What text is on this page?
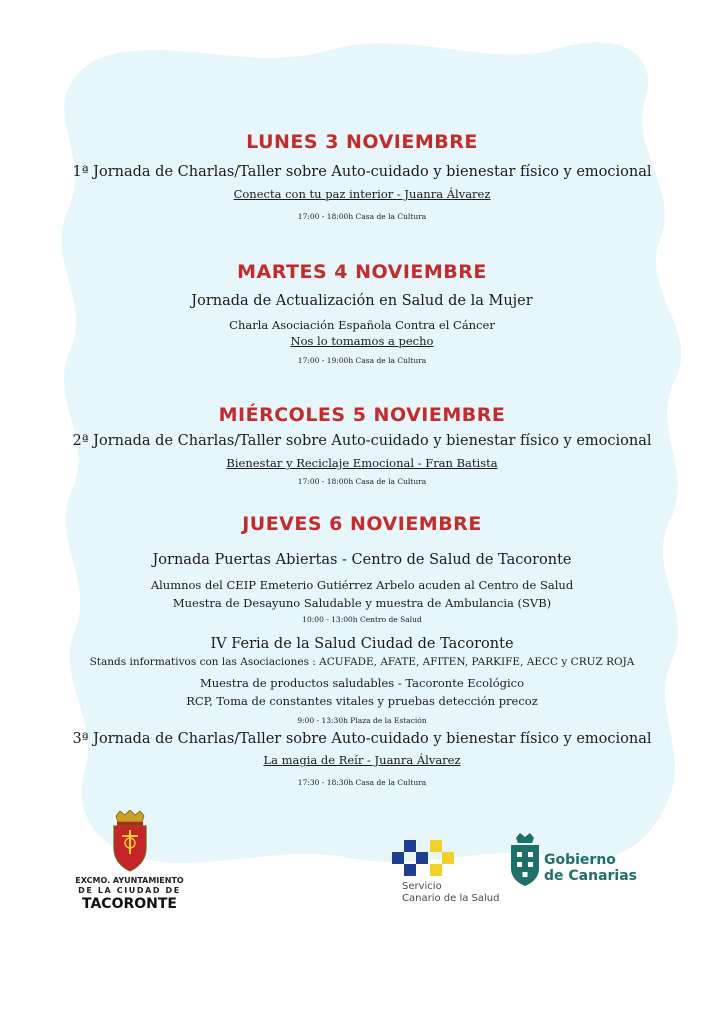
LUNES 3 NOVIEMBRE
1ª Jornada de Charlas/Taller sobre Auto-cuidado y bienestar físico y emocional
Conecta con tu paz interior - Juanra Álvarez
17:00 - 18:00h Casa de la Cultura
MARTES 4 NOVIEMBRE
Jornada de Actualización en Salud de la Mujer
Charla Asociación Española Contra el Cáncer
Nos lo tomamos a pecho
17:00 - 19:00h Casa de la Cultura
MIÉRCOLES 5 NOVIEMBRE
2ª Jornada de Charlas/Taller sobre Auto-cuidado y bienestar físico y emocional
Bienestar y Reciclaje Emocional - Fran Batista
17:00 - 18:00h Casa de la Cultura
JUEVES 6 NOVIEMBRE
Jornada Puertas Abiertas - Centro de Salud de Tacoronte
Alumnos del CEIP Emeterio Gutiérrez Arbelo acuden al Centro de Salud
Muestra de Desayuno Saludable y muestra de Ambulancia (SVB)
10:00 - 13:00h Centro de Salud
IV Feria de la Salud Ciudad de Tacoronte
Stands informativos con las Asociaciones : ACUFADE, AFATE, AFITEN, PARKIFE, AECC y CRUZ ROJA
Muestra de productos saludables - Tacoronte Ecológico
RCP, Toma de constantes vitales y pruebas detección precoz
9:00 - 13:30h Plaza de la Estación
3ª Jornada de Charlas/Taller sobre Auto-cuidado y bienestar físico y emocional
La magia de Reír - Juanra Álvarez
17:30 - 18:30h Casa de la Cultura
EXCMO. AYUNTAMIENTO
DE LA CIUDAD DE
TACORONTE
Servicio
Canario de la Salud
Gobierno
de Canarias
